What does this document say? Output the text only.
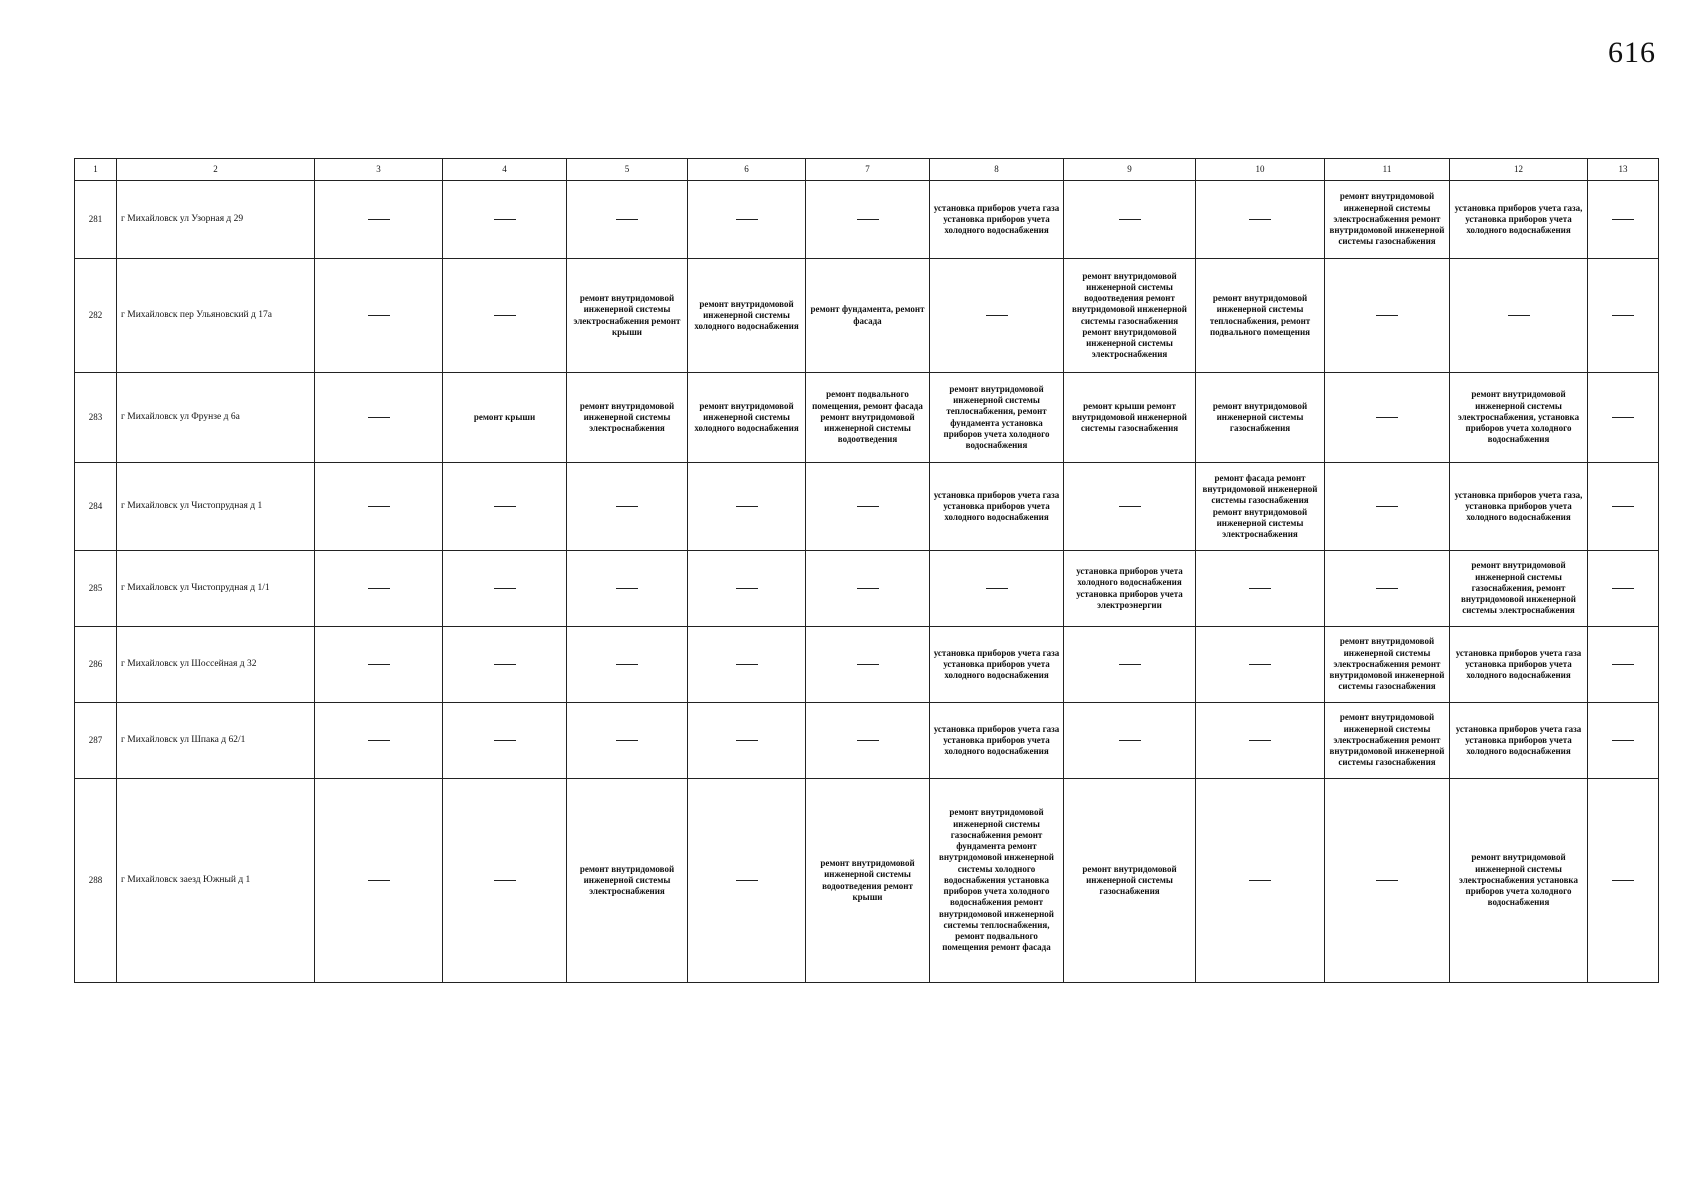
616
1	2	3	4	5	6	7	8	9	10	11	12	13
281	г Михайловск ул Узорная д 29						установка приборов учета газа установка приборов учета холодного водоснабжения			ремонт внутридомовой инженерной системы электроснабжения ремонт внутридомовой инженерной системы газоснабжения	установка приборов учета газа, установка приборов учета холодного водоснабжения	
282	г Михайловск пер Ульяновский д 17а			ремонт внутридомовой инженерной системы электроснабжения ремонт крыши	ремонт внутридомовой инженерной системы холодного водоснабжения	ремонт фундамента, ремонт фасада		ремонт внутридомовой инженерной системы водоотведения ремонт внутридомовой инженерной системы газоснабжения ремонт внутридомовой инженерной системы электроснабжения	ремонт внутридомовой инженерной системы теплоснабжения, ремонт подвального помещения			
283	г Михайловск ул Фрунзе д 6а		ремонт крыши	ремонт внутридомовой инженерной системы электроснабжения	ремонт внутридомовой инженерной системы холодного водоснабжения	ремонт подвального помещения, ремонт фасада ремонт внутридомовой инженерной системы водоотведения	ремонт внутридомовой инженерной системы теплоснабжения, ремонт фундамента установка приборов учета холодного водоснабжения	ремонт крыши ремонт внутридомовой инженерной системы газоснабжения	ремонт внутридомовой инженерной системы газоснабжения		ремонт внутридомовой инженерной системы электроснабжения, установка приборов учета холодного водоснабжения	
284	г Михайловск ул Чистопрудная д 1						установка приборов учета газа установка приборов учета холодного водоснабжения		ремонт фасада ремонт внутридомовой инженерной системы газоснабжения ремонт внутридомовой инженерной системы электроснабжения		установка приборов учета газа, установка приборов учета холодного водоснабжения	
285	г Михайловск ул Чистопрудная д 1/1							установка приборов учета холодного водоснабжения установка приборов учета электроэнергии			ремонт внутридомовой инженерной системы газоснабжения, ремонт внутридомовой инженерной системы электроснабжения	
286	г Михайловск ул Шоссейная д 32						установка приборов учета газа установка приборов учета холодного водоснабжения			ремонт внутридомовой инженерной системы электроснабжения ремонт внутридомовой инженерной системы газоснабжения	установка приборов учета газа установка приборов учета холодного водоснабжения	
287	г Михайловск ул Шпака д 62/1						установка приборов учета газа установка приборов учета холодного водоснабжения			ремонт внутридомовой инженерной системы электроснабжения ремонт внутридомовой инженерной системы газоснабжения	установка приборов учета газа установка приборов учета холодного водоснабжения	
288	г Михайловск заезд Южный д 1			ремонт внутридомовой инженерной системы электроснабжения		ремонт внутридомовой инженерной системы водоотведения ремонт крыши	ремонт внутридомовой инженерной системы газоснабжения ремонт фундамента ремонт внутридомовой инженерной системы холодного водоснабжения установка приборов учета холодного водоснабжения ремонт внутридомовой инженерной системы теплоснабжения, ремонт подвального помещения ремонт фасада	ремонт внутридомовой инженерной системы газоснабжения			ремонт внутридомовой инженерной системы электроснабжения установка приборов учета холодного водоснабжения	
